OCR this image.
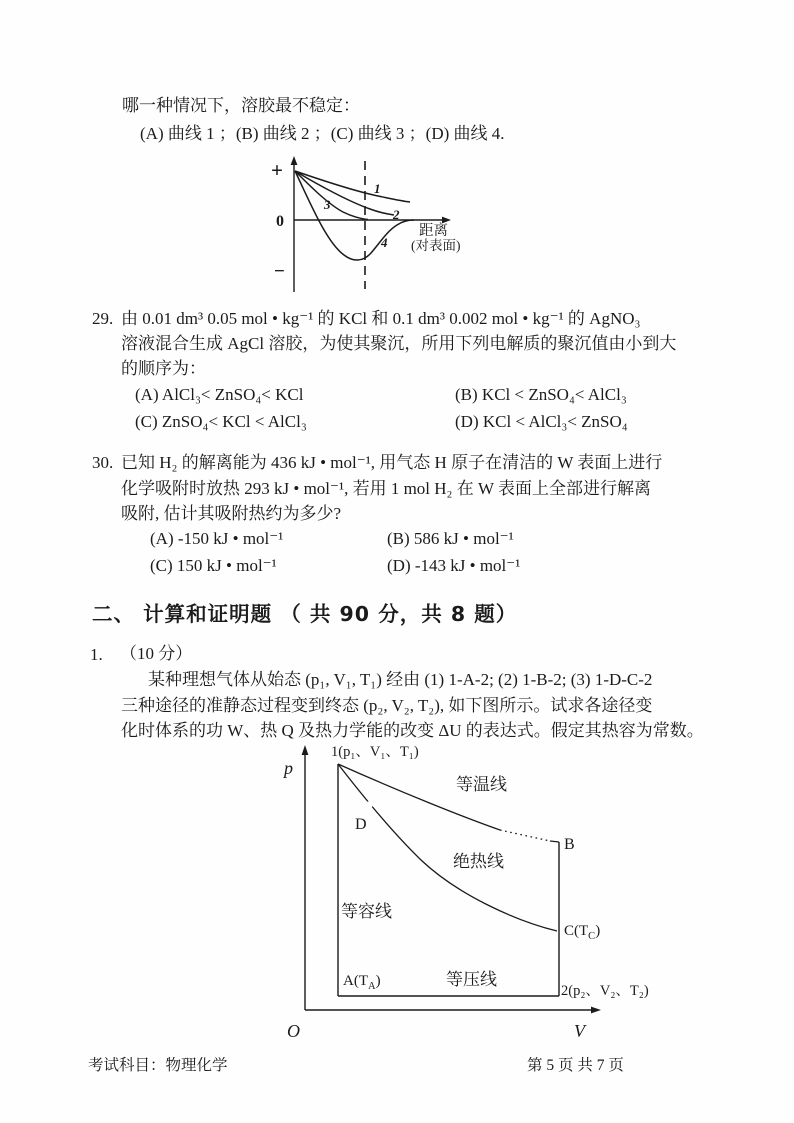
哪一种情况下，溶胶最不稳定：
(A) 曲线 1 ；(B) 曲线 2 ；(C) 曲线 3 ；(D) 曲线 4.
+
0
−
1
2
3
4
距离
(对表面)
29. 由 0.01 dm³ 0.05 mol • kg⁻¹ 的 KCl 和 0.1 dm³ 0.002 mol • kg⁻¹ 的 AgNO₃
溶液混合生成 AgCl 溶胶，为使其聚沉，所用下列电解质的聚沉值由小到大
的顺序为：
(A) AlCl₃< ZnSO₄< KCl	(B) KCl < ZnSO₄< AlCl₃
(C) ZnSO₄< KCl < AlCl₃	(D) KCl < AlCl₃< ZnSO₄
30. 已知 H₂ 的解离能为 436 kJ • mol⁻¹, 用气态 H 原子在清洁的 W 表面上进行
化学吸附时放热 293 kJ • mol⁻¹, 若用 1 mol H₂ 在 W 表面上全部进行解离
吸附, 估计其吸附热约为多少?
(A) -150 kJ • mol⁻¹	(B) 586 kJ • mol⁻¹
(C) 150 kJ • mol⁻¹	(D) -143 kJ • mol⁻¹
二、 计算和证明题 （ 共 90 分，共 8 题）
1. （10 分）
某种理想气体从始态 (p₁, V₁, T₁) 经由 (1) 1-A-2; (2) 1-B-2; (3) 1-D-C-2
三种途径的准静态过程变到终态 (p₂, V₂, T₂), 如下图所示。试求各途径变
化时体系的功 W、热 Q 及热力学能的改变 ΔU 的表达式。假定其热容为常数。
p
V
O
1(p₁、V₁、T₁)
2(p₂、V₂、T₂)
B
D
$A(T_A)$
$C(T_C)$
等温线
绝热线
等容线
等压线
考试科目：物理化学	第 5 页 共 7 页
